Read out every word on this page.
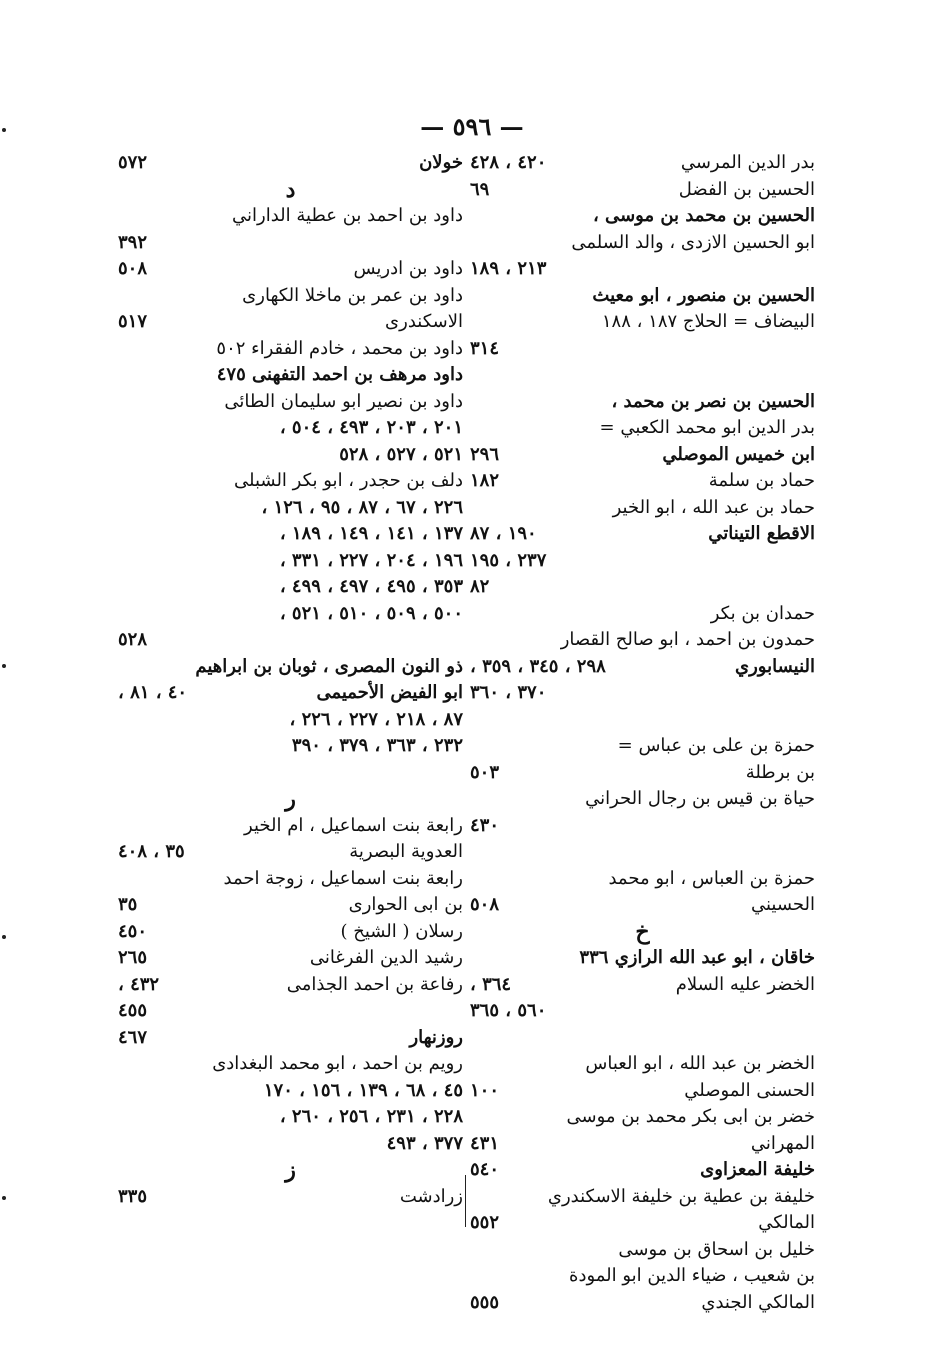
— ٥٩٦ —
بدر الدين المرسي
٤٢٠ ، ٤٢٨
الحسين بن الفضل
٦٩
الحسين بن محمد بن موسى ،
ابو الحسين الازدى ، والد السلمى
٢١٣ ، ١٨٩
الحسين بن منصور ، ابو معيث
البيضاف = الحلاج ١٨٧ ، ١٨٨
٣١٤
الحسين بن نصر بن محمد ،
بدر الدين ابو محمد الكعبي =
ابن خميس الموصلي
٢٩٦
حماد بن سلمة
١٨٢
حماد بن عبد الله ، ابو الخير
الاقطع التيناتي
١٩٠ ، ٨٧
٢٣٧ ، ١٩٥
٨٢
حمدان بن بكر
حمدون بن احمد ، ابو صالح القصار
النيسابوري
٢٩٨ ، ٣٤٥ ، ٣٥٩ ،
٣٧٠ ، ٣٦٠
حمزة بن على بن عباس =
بن برطلة
٥٠٣
حياة بن قيس بن رجال الحراني
٤٣٠
حمزة بن العباس ، ابو محمد
الحسيني
٥٠٨
خ
خاقان ، ابو عبد الله الرازي ٣٣٦
الخضر عليه السلام
٣٦٤ ،
٥٦٠ ، ٣٦٥
الخضر بن عبد الله ، ابو العباس
الحسنى الموصلي
١٠٠
خضر بن ابى بكر محمد بن موسى
المهراني
٤٣١
خليفة المعزاوى
٥٤٠
خليفة بن عطية بن خليفة الاسكندري
المالكي
٥٥٢
خليل بن اسحاق بن موسى
بن شعيب ، ضياء الدين ابو المودة
المالكي الجندي
٥٥٥
خولان
٥٧٢
د
داود بن احمد بن عطية الداراني
٣٩٢
داود بن ادريس
٥٠٨
داود بن عمر بن ماخلا الكهارى
الاسكندرى
٥١٧
داود بن محمد ، خادم الفقراء ٥٠٢
داود مرهف بن احمد التفهنى ٤٧٥
داود بن نصير ابو سليمان الطائى
٢٠١ ، ٢٠٣ ، ٤٩٣ ، ٥٠٤ ،
٥٢١ ، ٥٢٧ ، ٥٢٨
دلف بن حجدر ، ابو بكر الشبلى
٢٢٦ ، ٦٧ ، ٨٧ ، ٩٥ ، ١٢٦ ،
١٣٧ ، ١٤١ ، ١٤٩ ، ١٨٩ ،
١٩٦ ، ٢٠٤ ، ٢٢٧ ، ٣٣١ ،
٣٥٣ ، ٤٩٥ ، ٤٩٧ ، ٤٩٩ ،
٥٠٠ ، ٥٠٩ ، ٥١٠ ، ٥٢١ ،
٥٢٨
ذو النون المصرى ، ثوبان بن ابراهيم
ابو الفيض الأحميمى
٤٠ ، ٨١ ،
٨٧ ، ٢١٨ ، ٢٢٧ ، ٢٢٦ ،
٢٣٢ ، ٣٦٣ ، ٣٧٩ ، ٣٩٠
ر
رابعة بنت اسماعيل ، ام الخير
العدوية البصرية
٣٥ ، ٤٠٨
رابعة بنت اسماعيل ، زوجة احمد
بن ابى الحوارى
٣٥
رسلان ( الشيخ )
٤٥٠
رشيد الدين الفرغانى
٢٦٥
رفاعة بن احمد الجذامى
٤٣٢ ،
٤٥٥
روزنهار
٤٦٧
رويم بن احمد ، ابو محمد البغدادى
٤٥ ، ٦٨ ، ١٣٩ ، ١٥٦ ، ١٧٠
٢٢٨ ، ٢٣١ ، ٢٥٦ ، ٢٦٠ ،
٣٧٧ ، ٤٩٣
ز
زرادشت
٣٣٥
